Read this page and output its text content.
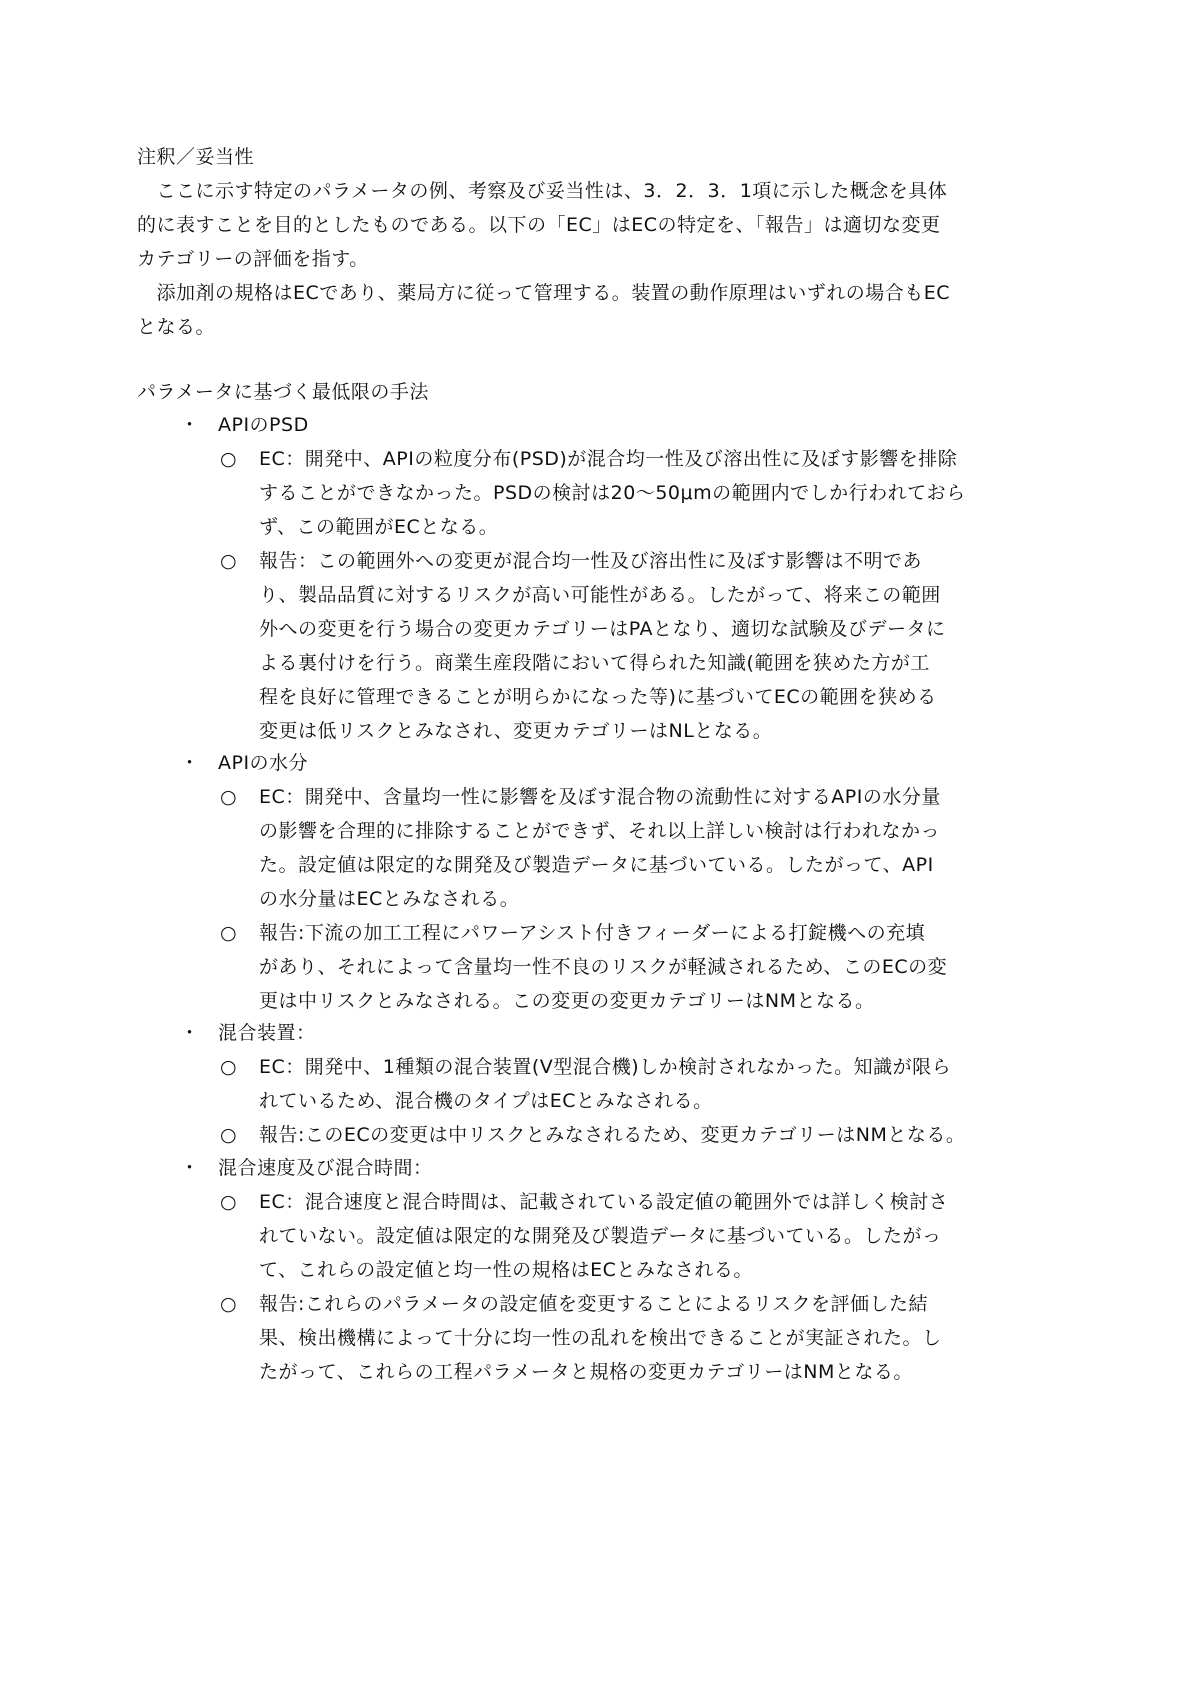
注釈／妥当性
　ここに示す特定のパラメータの例、考察及び妥当性は、3．2．3．1項に示した概念を具体
的に表すことを目的としたものである。以下の「EC」はECの特定を、「報告」は適切な変更
カテゴリーの評価を指す。
　添加剤の規格はECであり、薬局方に従って管理する。装置の動作原理はいずれの場合もEC
となる。
パラメータに基づく最低限の手法
・ APIのPSD
○ EC：開発中、APIの粒度分布(PSD)が混合均一性及び溶出性に及ぼす影響を排除
することができなかった。PSDの検討は20～50μmの範囲内でしか行われておら
ず、この範囲がECとなる。
○ 報告：この範囲外への変更が混合均一性及び溶出性に及ぼす影響は不明であ
り、製品品質に対するリスクが高い可能性がある。したがって、将来この範囲
外への変更を行う場合の変更カテゴリーはPAとなり、適切な試験及びデータに
よる裏付けを行う。商業生産段階において得られた知識(範囲を狭めた方が工
程を良好に管理できることが明らかになった等)に基づいてECの範囲を狭める
変更は低リスクとみなされ、変更カテゴリーはNLとなる。
・ APIの水分
○ EC：開発中、含量均一性に影響を及ぼす混合物の流動性に対するAPIの水分量
の影響を合理的に排除することができず、それ以上詳しい検討は行われなかっ
た。設定値は限定的な開発及び製造データに基づいている。したがって、API
の水分量はECとみなされる。
○ 報告:下流の加工工程にパワーアシスト付きフィーダーによる打錠機への充填
があり、それによって含量均一性不良のリスクが軽減されるため、このECの変
更は中リスクとみなされる。この変更の変更カテゴリーはNMとなる。
・ 混合装置：
○ EC：開発中、1種類の混合装置(V型混合機)しか検討されなかった。知識が限ら
れているため、混合機のタイプはECとみなされる。
○ 報告:このECの変更は中リスクとみなされるため、変更カテゴリーはNMとなる。
・ 混合速度及び混合時間：
○ EC：混合速度と混合時間は、記載されている設定値の範囲外では詳しく検討さ
れていない。設定値は限定的な開発及び製造データに基づいている。したがっ
て、これらの設定値と均一性の規格はECとみなされる。
○ 報告:これらのパラメータの設定値を変更することによるリスクを評価した結
果、検出機構によって十分に均一性の乱れを検出できることが実証された。し
たがって、これらの工程パラメータと規格の変更カテゴリーはNMとなる。
